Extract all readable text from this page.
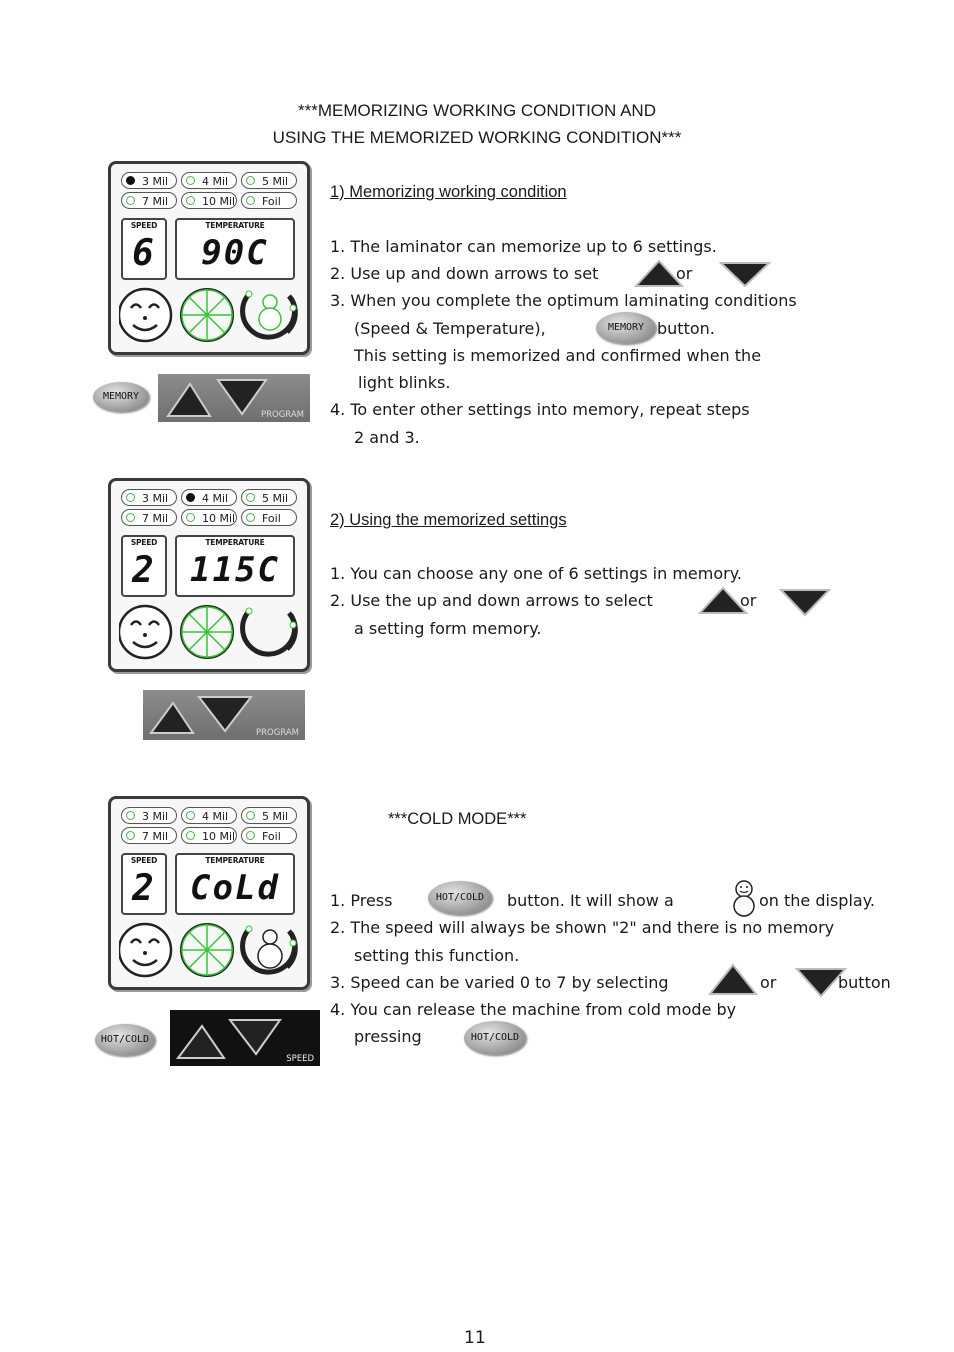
***MEMORIZING WORKING CONDITION AND
USING THE MEMORIZED WORKING CONDITION***
3 Mil	4 Mil	5 Mil
7 Mil	10 Mil Foil
SPEED
6
TEMPERATURE
90C
MEMORY
PROGRAM
1) Memorizing working condition
1. The laminator can memorize up to 6 settings.
2. Use up and down arrows to set	or
3. When you complete the optimum laminating conditions
(Speed & Temperature),	MEMORY button.
This setting is memorized and confirmed when the
light blinks.
4. To enter other settings into memory, repeat steps
2 and 3.
3 Mil	4 Mil	5 Mil
7 Mil	10 Mil Foil
SPEED
2
TEMPERATURE
115C
PROGRAM
2) Using the memorized settings
1. You can choose any one of 6 settings in memory.
2. Use the up and down arrows to select	or
a setting form memory.
3 Mil	4 Mil	5 Mil
7 Mil	10 Mil Foil
SPEED
2
TEMPERATURE
CoLd
HOT/COLD
SPEED
***COLD MODE***
1. Press	HOT/COLD	button. It will show a	on the display.
2. The speed will always be shown "2" and there is no memory
setting this function.
3. Speed can be varied 0 to 7 by selecting	or	button
4. You can release the machine from cold mode by
pressing	HOT/COLD
11
